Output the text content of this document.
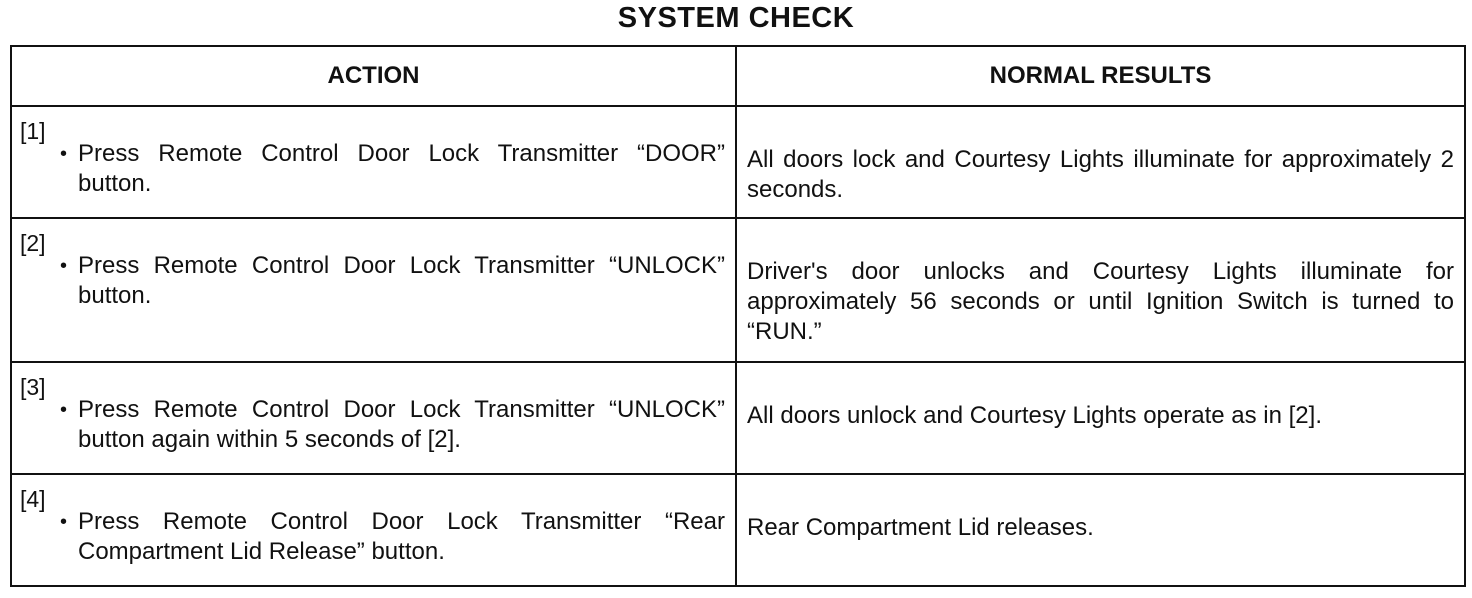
SYSTEM CHECK
ACTION	NORMAL RESULTS

[1]
• Press Remote Control Door Lock Transmitter “DOOR” button.	All doors lock and Courtesy Lights illuminate for approximately 2 seconds.

[2]
• Press Remote Control Door Lock Transmitter “UNLOCK” button.	Driver's door unlocks and Courtesy Lights illuminate for approximately 56 seconds or until Ignition Switch is turned to “RUN.”

[3]
• Press Remote Control Door Lock Transmitter “UNLOCK” button again within 5 seconds of [2].	All doors unlock and Courtesy Lights operate as in [2].

[4]
• Press Remote Control Door Lock Transmitter “Rear Compartment Lid Release” button.	Rear Compartment Lid releases.
